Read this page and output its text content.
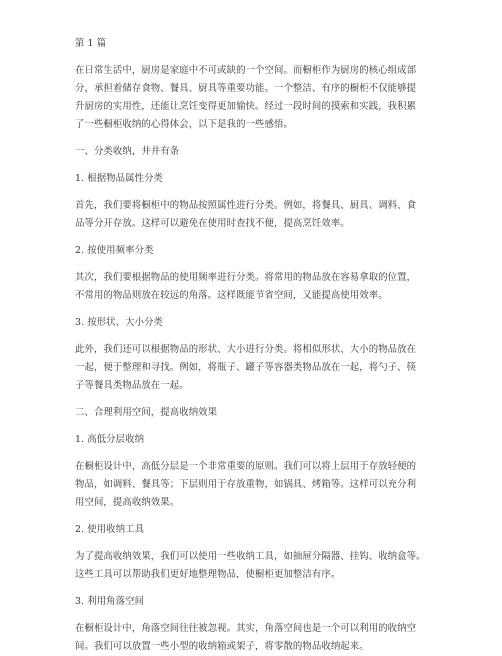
第 1 篇

在日常生活中，厨房是家庭中不可或缺的一个空间。而橱柜作为厨房的核心组成部

分，承担着储存食物、餐具、厨具等重要功能。一个整洁、有序的橱柜不仅能够提

升厨房的实用性，还能让烹饪变得更加愉快。经过一段时间的摸索和实践，我积累

了一些橱柜收纳的心得体会，以下是我的一些感悟。

一、分类收纳，井井有条

1. 根据物品属性分类

首先，我们要将橱柜中的物品按照属性进行分类。例如，将餐具、厨具、调料、食

品等分开存放。这样可以避免在使用时查找不便，提高烹饪效率。

2. 按使用频率分类

其次，我们要根据物品的使用频率进行分类。将常用的物品放在容易拿取的位置，

不常用的物品则放在较远的角落。这样既能节省空间，又能提高使用效率。

3. 按形状、大小分类

此外，我们还可以根据物品的形状、大小进行分类。将相似形状、大小的物品放在

一起，便于整理和寻找。例如，将瓶子、罐子等容器类物品放在一起，将勺子、筷

子等餐具类物品放在一起。

二、合理利用空间，提高收纳效果

1. 高低分层收纳

在橱柜设计中，高低分层是一个非常重要的原则。我们可以将上层用于存放轻便的

物品，如调料、餐具等；下层则用于存放重物，如锅具、烤箱等。这样可以充分利

用空间，提高收纳效果。

2. 使用收纳工具

为了提高收纳效果，我们可以使用一些收纳工具，如抽屉分隔器、挂钩、收纳盒等。

这些工具可以帮助我们更好地整理物品，使橱柜更加整洁有序。

3. 利用角落空间

在橱柜设计中，角落空间往往被忽视。其实，角落空间也是一个可以利用的收纳空

间。我们可以放置一些小型的收纳箱或架子，将零散的物品收纳起来。
